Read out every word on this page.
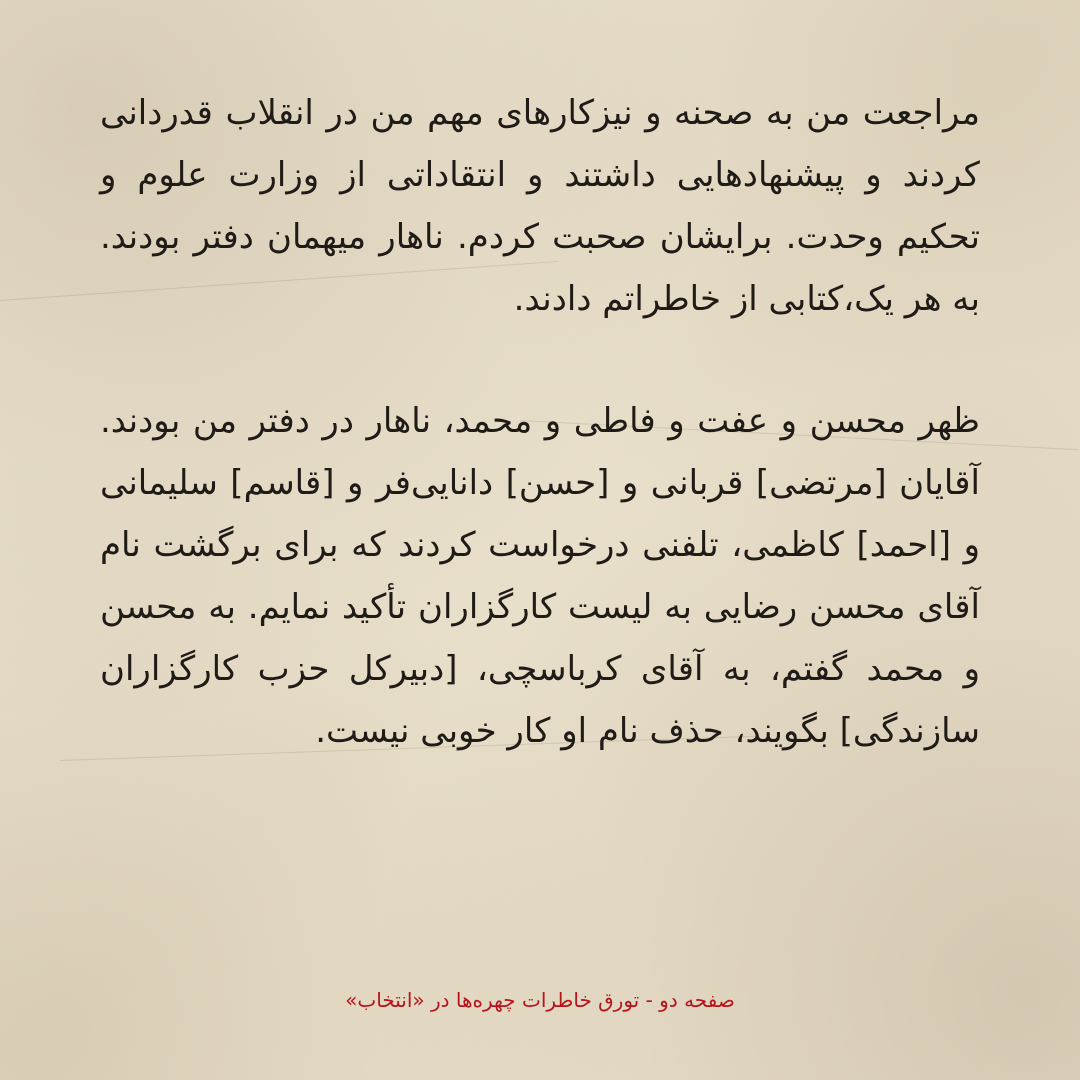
مراجعت من به صحنه و نیزکارهای مهم من در انقلاب قدردانی کردند و پیشنهادهایی داشتند و انتقاداتی از وزارت علوم و تحکیم وحدت. برایشان صحبت کردم. ناهار میهمان دفتر بودند. به هر یک،کتابی از خاطراتم دادند.

ظهر محسن و عفت و فاطی و محمد، ناهار در دفتر من بودند. آقایان [مرتضی] قربانی و [حسن] دانایی‌فر و [قاسم] سلیمانی و [احمد] کاظمی، تلفنی درخواست کردند که برای برگشت نام آقای محسن رضایی به لیست کارگزاران تأکید نمایم. به محسن و محمد گفتم، به آقای کرباسچی، [دبیرکل حزب کارگزاران سازندگی] بگویند، حذف نام او کار خوبی نیست.

صفحه دو - تورق خاطرات چهره‌ها در «انتخاب»
